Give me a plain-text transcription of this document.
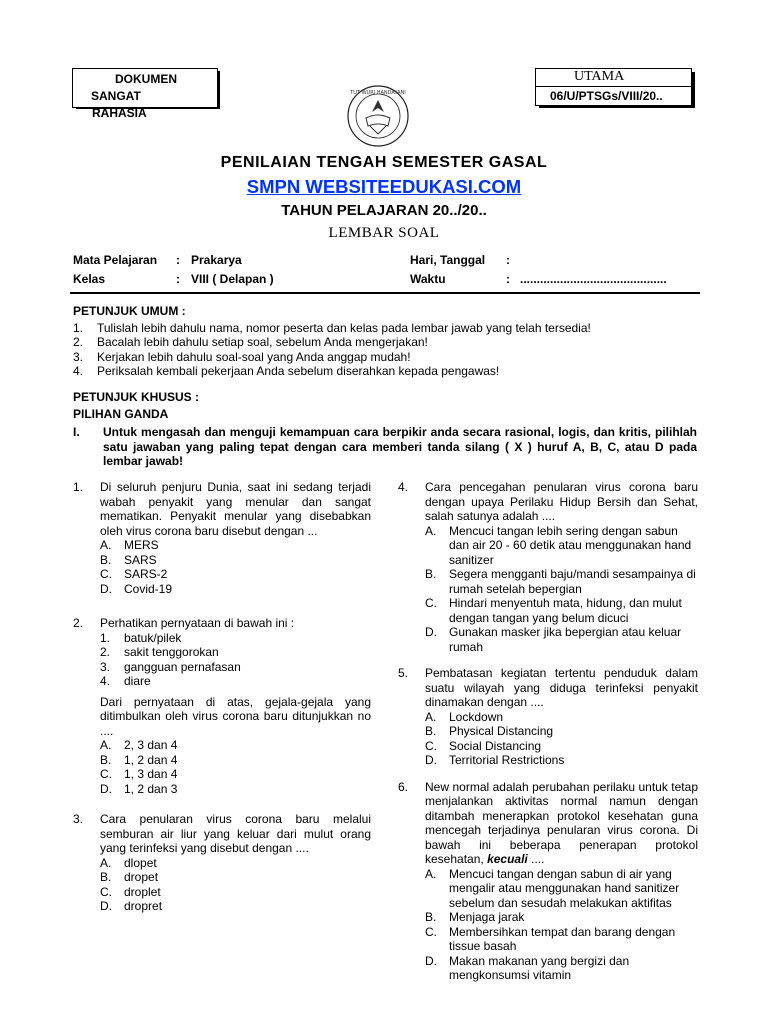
DOKUMEN
SANGAT
RAHASIA
UTAMA
06/U/PTSGs/VIII/20..
TUT WURI HANDAYANI
PENILAIAN TENGAH SEMESTER GASAL
SMPN WEBSITEEDUKASI.COM
TAHUN PELAJARAN 20../20..
LEMBAR SOAL
Mata Pelajaran : Prakarya
Kelas	: VIII ( Delapan )
Hari, Tanggal :
Waktu	: ............................................
PETUNJUK UMUM :
1.	Tulislah lebih dahulu nama, nomor peserta dan kelas pada lembar jawab yang telah tersedia!
2.	Bacalah lebih dahulu setiap soal, sebelum Anda mengerjakan!
3.	Kerjakan lebih dahulu soal-soal yang Anda anggap mudah!
4.	Periksalah kembali pekerjaan Anda sebelum diserahkan kepada pengawas!
PETUNJUK KHUSUS :
PILIHAN GANDA
I.	Untuk mengasah dan menguji kemampuan cara berpikir anda secara rasional, logis, dan kritis, pilihlah satu jawaban yang paling tepat dengan cara memberi tanda silang ( X ) huruf A, B, C, atau D pada lembar jawab!
1. Di seluruh penjuru Dunia, saat ini sedang terjadi wabah penyakit yang menular dan sangat mematikan. Penyakit menular yang disebabkan oleh virus corona baru disebut dengan ...
A.	MERS
B.	SARS
C.	SARS-2
D.	Covid-19
2. Perhatikan pernyataan di bawah ini :
1.	batuk/pilek
2.	sakit tenggorokan
3.	gangguan pernafasan
4.	diare
Dari pernyataan di atas, gejala-gejala yang ditimbulkan oleh virus corona baru ditunjukkan no ....
A.	2, 3 dan 4
B.	1, 2 dan 4
C.	1, 3 dan 4
D.	1, 2 dan 3
3. Cara penularan virus corona baru melalui semburan air liur yang keluar dari mulut orang yang terinfeksi yang disebut dengan ....
A.	dlopet
B.	dropet
C.	droplet
D.	dropret
4. Cara pencegahan penularan virus corona baru dengan upaya Perilaku Hidup Bersih dan Sehat, salah satunya adalah ....
A.	Mencuci tangan lebih sering dengan sabun dan air 20 - 60 detik atau menggunakan hand sanitizer
B.	Segera mengganti baju/mandi sesampainya di rumah setelah bepergian
C.	Hindari menyentuh mata, hidung, dan mulut dengan tangan yang belum dicuci
D.	Gunakan masker jika bepergian atau keluar rumah
5. Pembatasan kegiatan tertentu penduduk dalam suatu wilayah yang diduga terinfeksi penyakit dinamakan dengan ....
A.	Lockdown
B.	Physical Distancing
C.	Social Distancing
D.	Territorial Restrictions
6. New normal adalah perubahan perilaku untuk tetap menjalankan aktivitas normal namun dengan ditambah menerapkan protokol kesehatan guna mencegah terjadinya penularan virus corona. Di bawah ini beberapa penerapan protokol kesehatan, kecuali ....
A.	Mencuci tangan dengan sabun di air yang mengalir atau menggunakan hand sanitizer sebelum dan sesudah melakukan aktifitas
B.	Menjaga jarak
C.	Membersihkan tempat dan barang dengan tissue basah
D.	Makan makanan yang bergizi dan mengkonsumsi vitamin
